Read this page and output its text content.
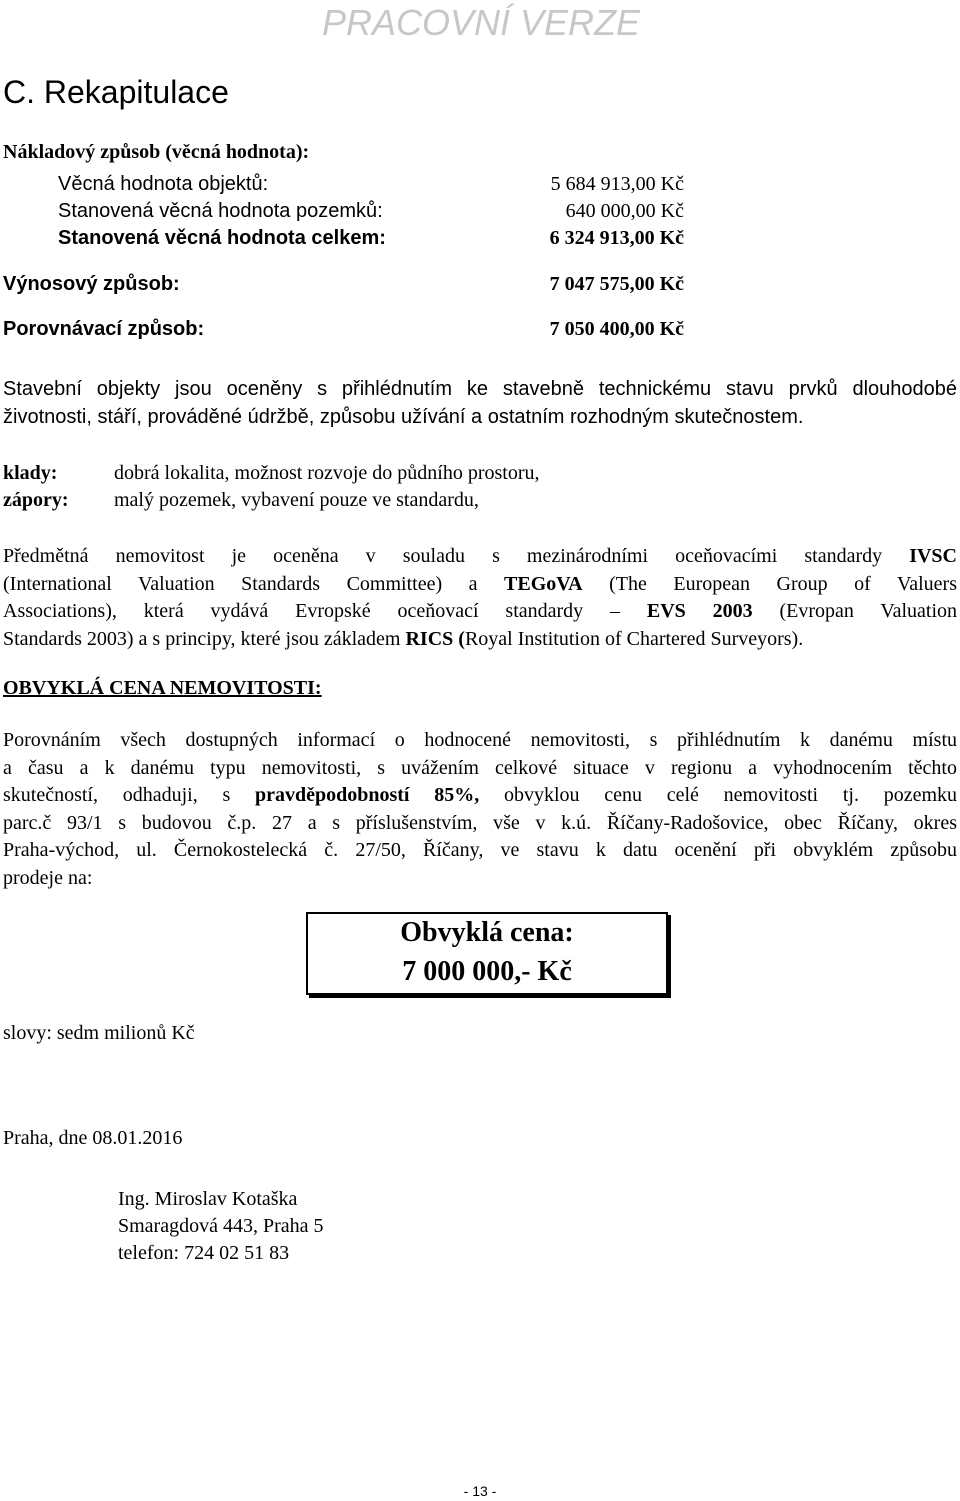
PRACOVNÍ VERZE
C. Rekapitulace
Nákladový způsob (věcná hodnota):
Věcná hodnota objektů:	5 684 913,00 Kč
Stanovená věcná hodnota pozemků:	640 000,00 Kč
Stanovená věcná hodnota celkem:	6 324 913,00 Kč
Výnosový způsob:	7 047 575,00 Kč
Porovnávací způsob:	7 050 400,00 Kč
Stavební objekty jsou oceněny s přihlédnutím ke stavebně technickému stavu prvků dlouhodobé
životnosti, stáří, prováděné údržbě, způsobu užívání a ostatním rozhodným skutečnostem.
klady:	dobrá lokalita, možnost rozvoje do půdního prostoru,
zápory: malý pozemek, vybavení pouze ve standardu,
Předmětná nemovitost je oceněna v souladu s mezinárodními oceňovacími standardy IVSC
(International Valuation Standards Committee) a TEGoVA (The European Group of Valuers
Associations), která vydává Evropské oceňovací standardy – EVS 2003 (Evropan Valuation
Standards 2003) a s principy, které jsou základem RICS (Royal Institution of Chartered Surveyors).
OBVYKLÁ CENA NEMOVITOSTI:
Porovnáním všech dostupných informací o hodnocené nemovitosti, s přihlédnutím k danému místu
a času a k danému typu nemovitosti, s uvážením celkové situace v regionu a vyhodnocením těchto
skutečností, odhaduji, s pravděpodobností 85%, obvyklou cenu celé nemovitosti tj. pozemku
parc.č 93/1 s budovou č.p. 27 a s příslušenstvím, vše v k.ú. Říčany-Radošovice, obec Říčany, okres
Praha-východ, ul. Černokostelecká č. 27/50, Říčany, ve stavu k datu ocenění při obvyklém způsobu
prodeje na:
Obvyklá cena:
7 000 000,- Kč
slovy: sedm milionů Kč
Praha, dne 08.01.2016
Ing. Miroslav Kotaška
Smaragdová 443, Praha 5
telefon: 724 02 51 83
- 13 -
